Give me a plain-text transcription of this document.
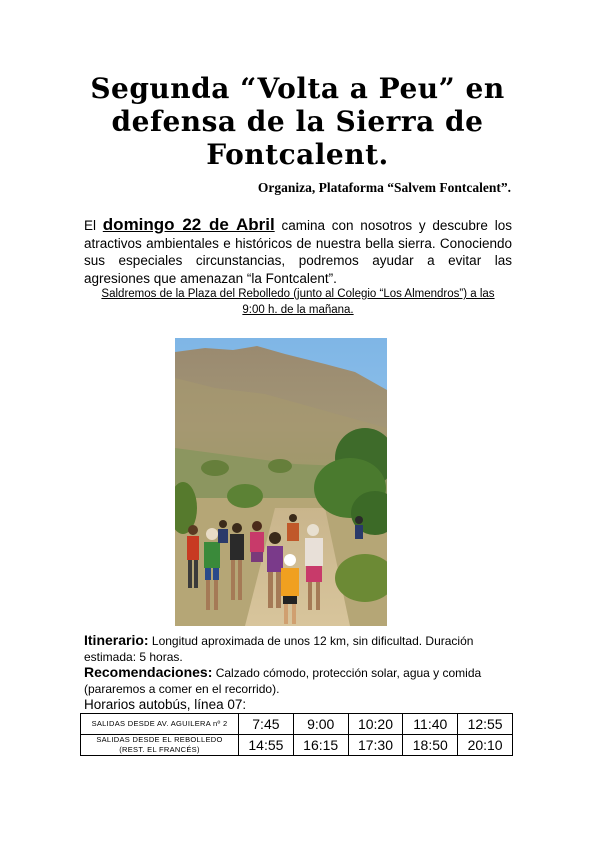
Segunda “Volta a Peu” en
defensa de la Sierra de
Fontcalent.
Organiza, Plataforma “Salvem Fontcalent”.
El domingo 22 de Abril camina con nosotros y descubre los atractivos ambientales e históricos de nuestra bella sierra. Conociendo sus especiales circunstancias, podremos ayudar a evitar las agresiones que amenazan “la Fontcalent”.
Saldremos de la Plaza del Rebolledo (junto al Colegio “Los Almendros”) a las
9:00 h. de la mañana.
Itinerario: Longitud aproximada de unos 12 km, sin dificultad. Duración estimada: 5 horas.
Recomendaciones: Calzado cómodo, protección solar, agua y comida (pararemos a comer en el recorrido).
Horarios autobús, línea 07:
SALIDAS DESDE AV. AGUILERA nº 2	7:45	9:00	10:20	11:40	12:55

SALIDAS DESDE EL REBOLLEDO
(REST. EL FRANCÉS)	14:55	16:15	17:30	18:50	20:10
